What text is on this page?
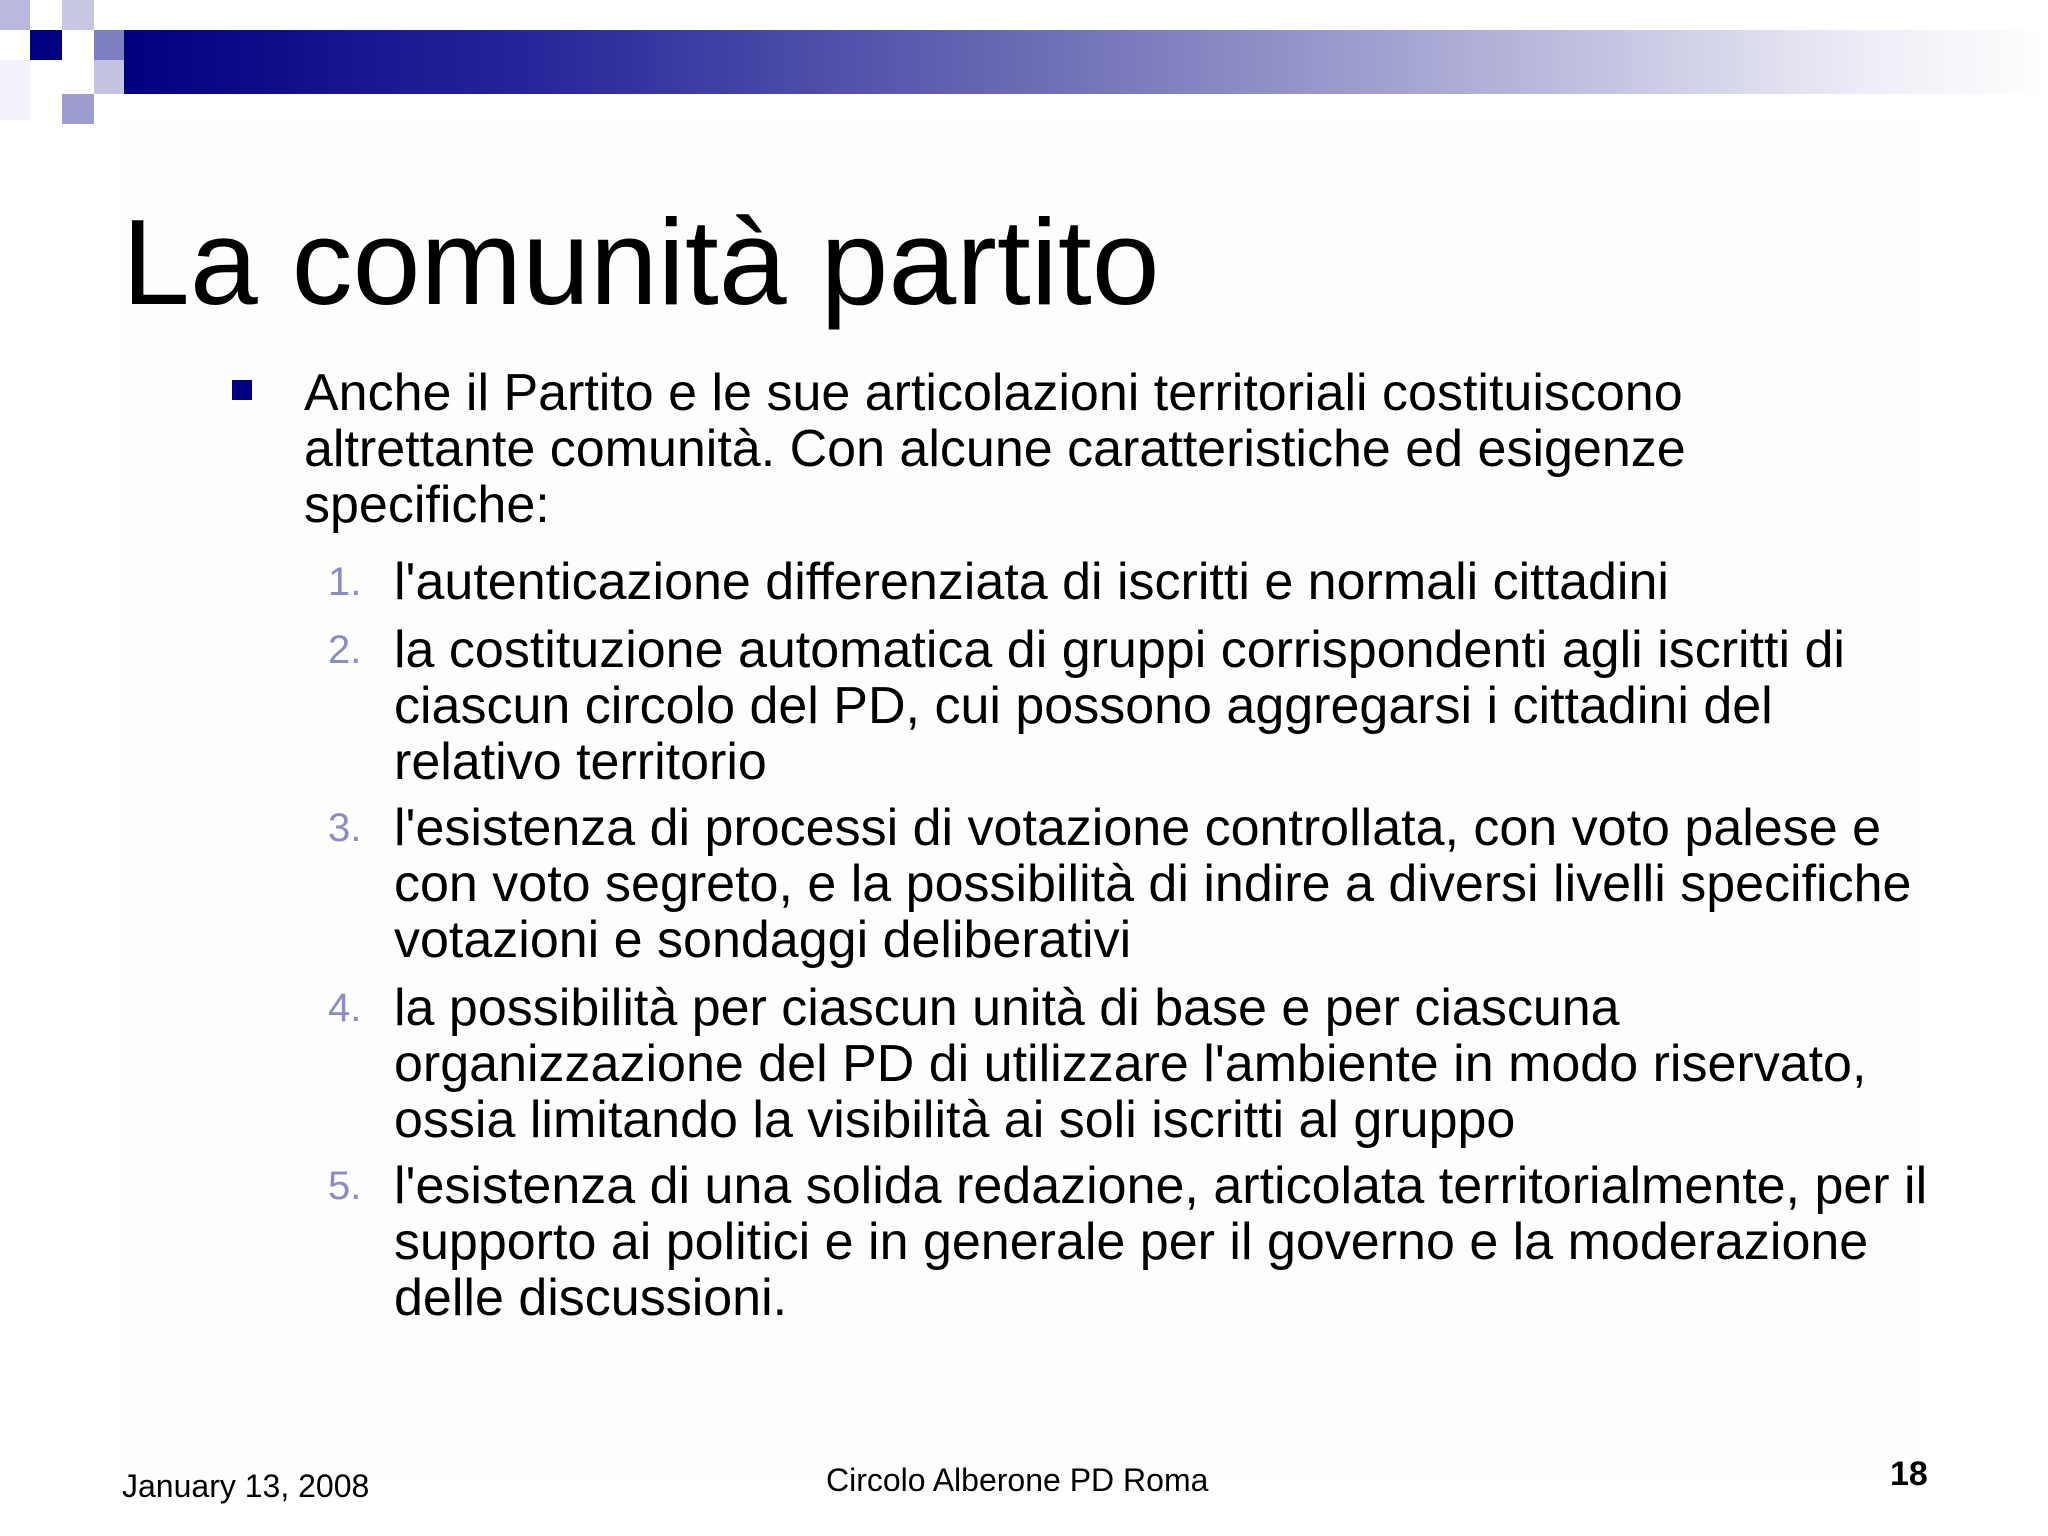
La comunità partito
Anche il Partito e le sue articolazioni territoriali costituiscono altrettante comunità. Con alcune caratteristiche ed esigenze specifiche:
1. l'autenticazione differenziata di iscritti e normali cittadini
2. la costituzione automatica di gruppi corrispondenti agli iscritti di ciascun circolo del PD, cui possono aggregarsi i cittadini del relativo territorio
3. l'esistenza di processi di votazione controllata, con voto palese e con voto segreto, e la possibilità di indire a diversi livelli specifiche votazioni e sondaggi deliberativi
4. la possibilità per ciascun unità di base e per ciascuna organizzazione del PD di utilizzare l'ambiente in modo riservato, ossia limitando la visibilità ai soli iscritti al gruppo
5. l'esistenza di una solida redazione, articolata territorialmente, per il supporto ai politici e in generale per il governo e la moderazione delle discussioni.
January 13, 2008	Circolo Alberone PD Roma	18
